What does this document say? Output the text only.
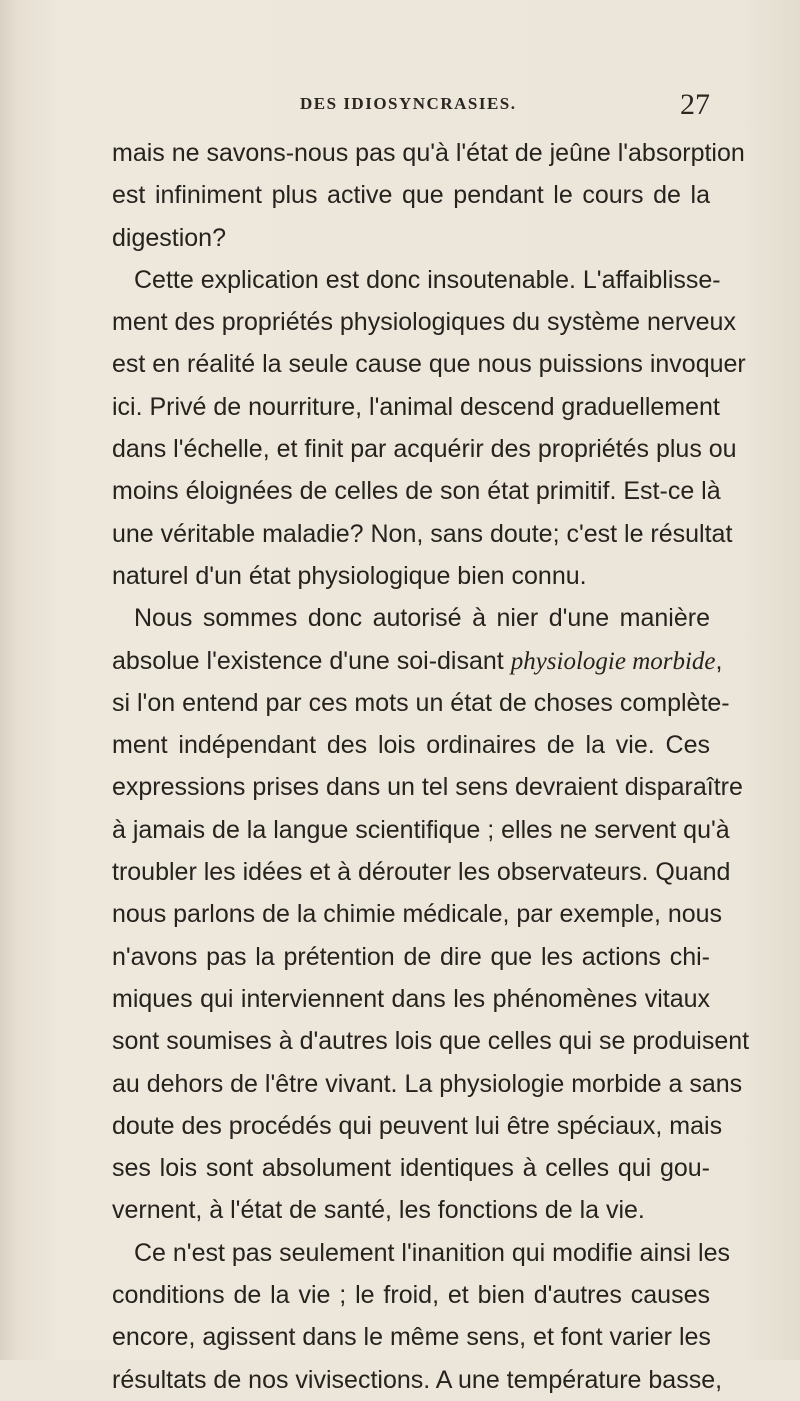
DES IDIOSYNCRASIES.	27
mais ne savons-nous pas qu'à l'état de jeûne l'absorption
est infiniment plus active que pendant le cours de la
digestion?
Cette explication est donc insoutenable. L'affaiblisse-
ment des propriétés physiologiques du système nerveux
est en réalité la seule cause que nous puissions invoquer
ici. Privé de nourriture, l'animal descend graduellement
dans l'échelle, et finit par acquérir des propriétés plus ou
moins éloignées de celles de son état primitif. Est-ce là
une véritable maladie? Non, sans doute; c'est le résultat
naturel d'un état physiologique bien connu.
Nous sommes donc autorisé à nier d'une manière
absolue l'existence d'une soi-disant physiologie morbide,
si l'on entend par ces mots un état de choses complète-
ment indépendant des lois ordinaires de la vie. Ces
expressions prises dans un tel sens devraient disparaître
à jamais de la langue scientifique ; elles ne servent qu'à
troubler les idées et à dérouter les observateurs. Quand
nous parlons de la chimie médicale, par exemple, nous
n'avons pas la prétention de dire que les actions chi-
miques qui interviennent dans les phénomènes vitaux
sont soumises à d'autres lois que celles qui se produisent
au dehors de l'être vivant. La physiologie morbide a sans
doute des procédés qui peuvent lui être spéciaux, mais
ses lois sont absolument identiques à celles qui gou-
vernent, à l'état de santé, les fonctions de la vie.
Ce n'est pas seulement l'inanition qui modifie ainsi les
conditions de la vie ; le froid, et bien d'autres causes
encore, agissent dans le même sens, et font varier les
résultats de nos vivisections. A une température basse,
